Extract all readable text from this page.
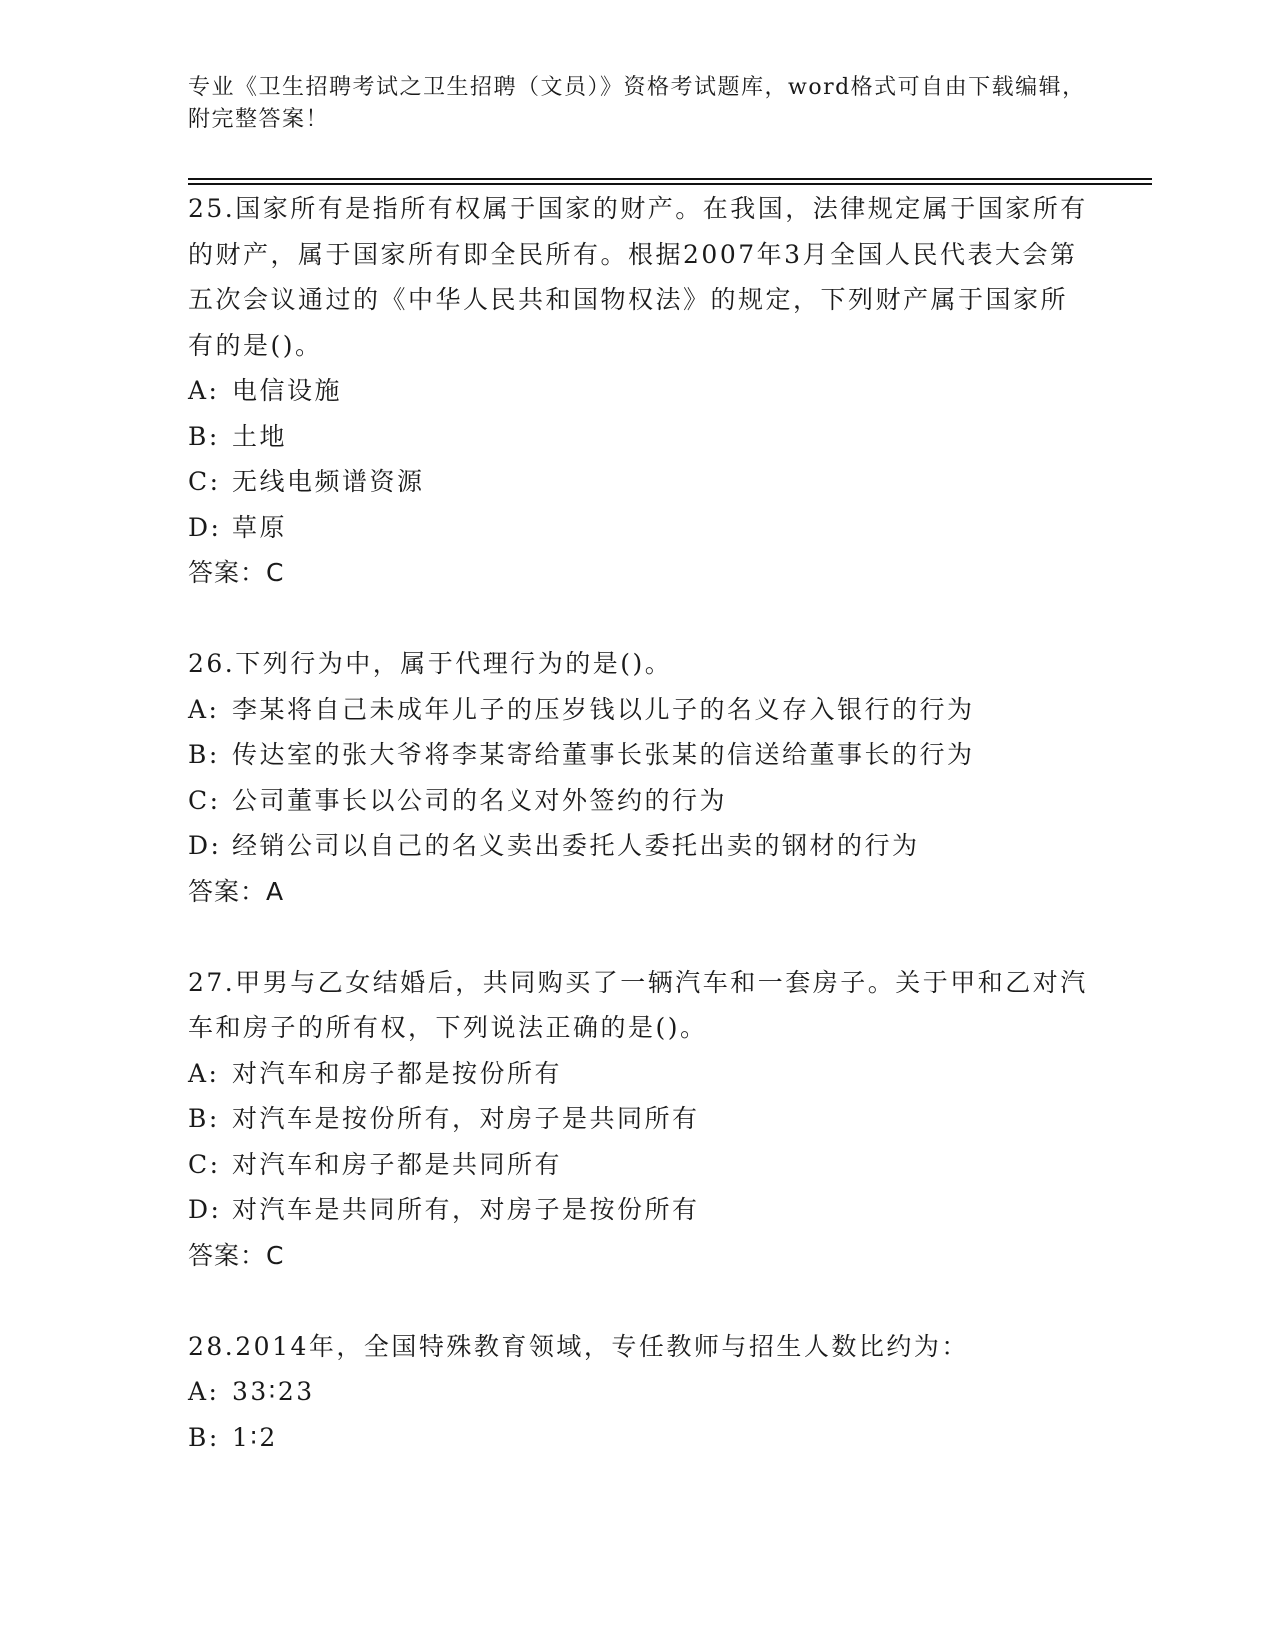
专业《卫生招聘考试之卫生招聘（文员）》资格考试题库，word格式可自由下载编辑，附完整答案！

25.国家所有是指所有权属于国家的财产。在我国，法律规定属于国家所有的财产，属于国家所有即全民所有。根据2007年3月全国人民代表大会第五次会议通过的《中华人民共和国物权法》的规定，下列财产属于国家所有的是()。

A: 电信设施

B: 土地

C: 无线电频谱资源

D: 草原

答案：C

26.下列行为中，属于代理行为的是()。

A: 李某将自己未成年儿子的压岁钱以儿子的名义存入银行的行为

B: 传达室的张大爷将李某寄给董事长张某的信送给董事长的行为

C: 公司董事长以公司的名义对外签约的行为

D: 经销公司以自己的名义卖出委托人委托出卖的钢材的行为

答案：A

27.甲男与乙女结婚后，共同购买了一辆汽车和一套房子。关于甲和乙对汽车和房子的所有权，下列说法正确的是()。

A: 对汽车和房子都是按份所有

B: 对汽车是按份所有，对房子是共同所有

C: 对汽车和房子都是共同所有

D: 对汽车是共同所有，对房子是按份所有

答案：C

28.2014年，全国特殊教育领域，专任教师与招生人数比约为：

A: 33∶23

B: 1∶2
